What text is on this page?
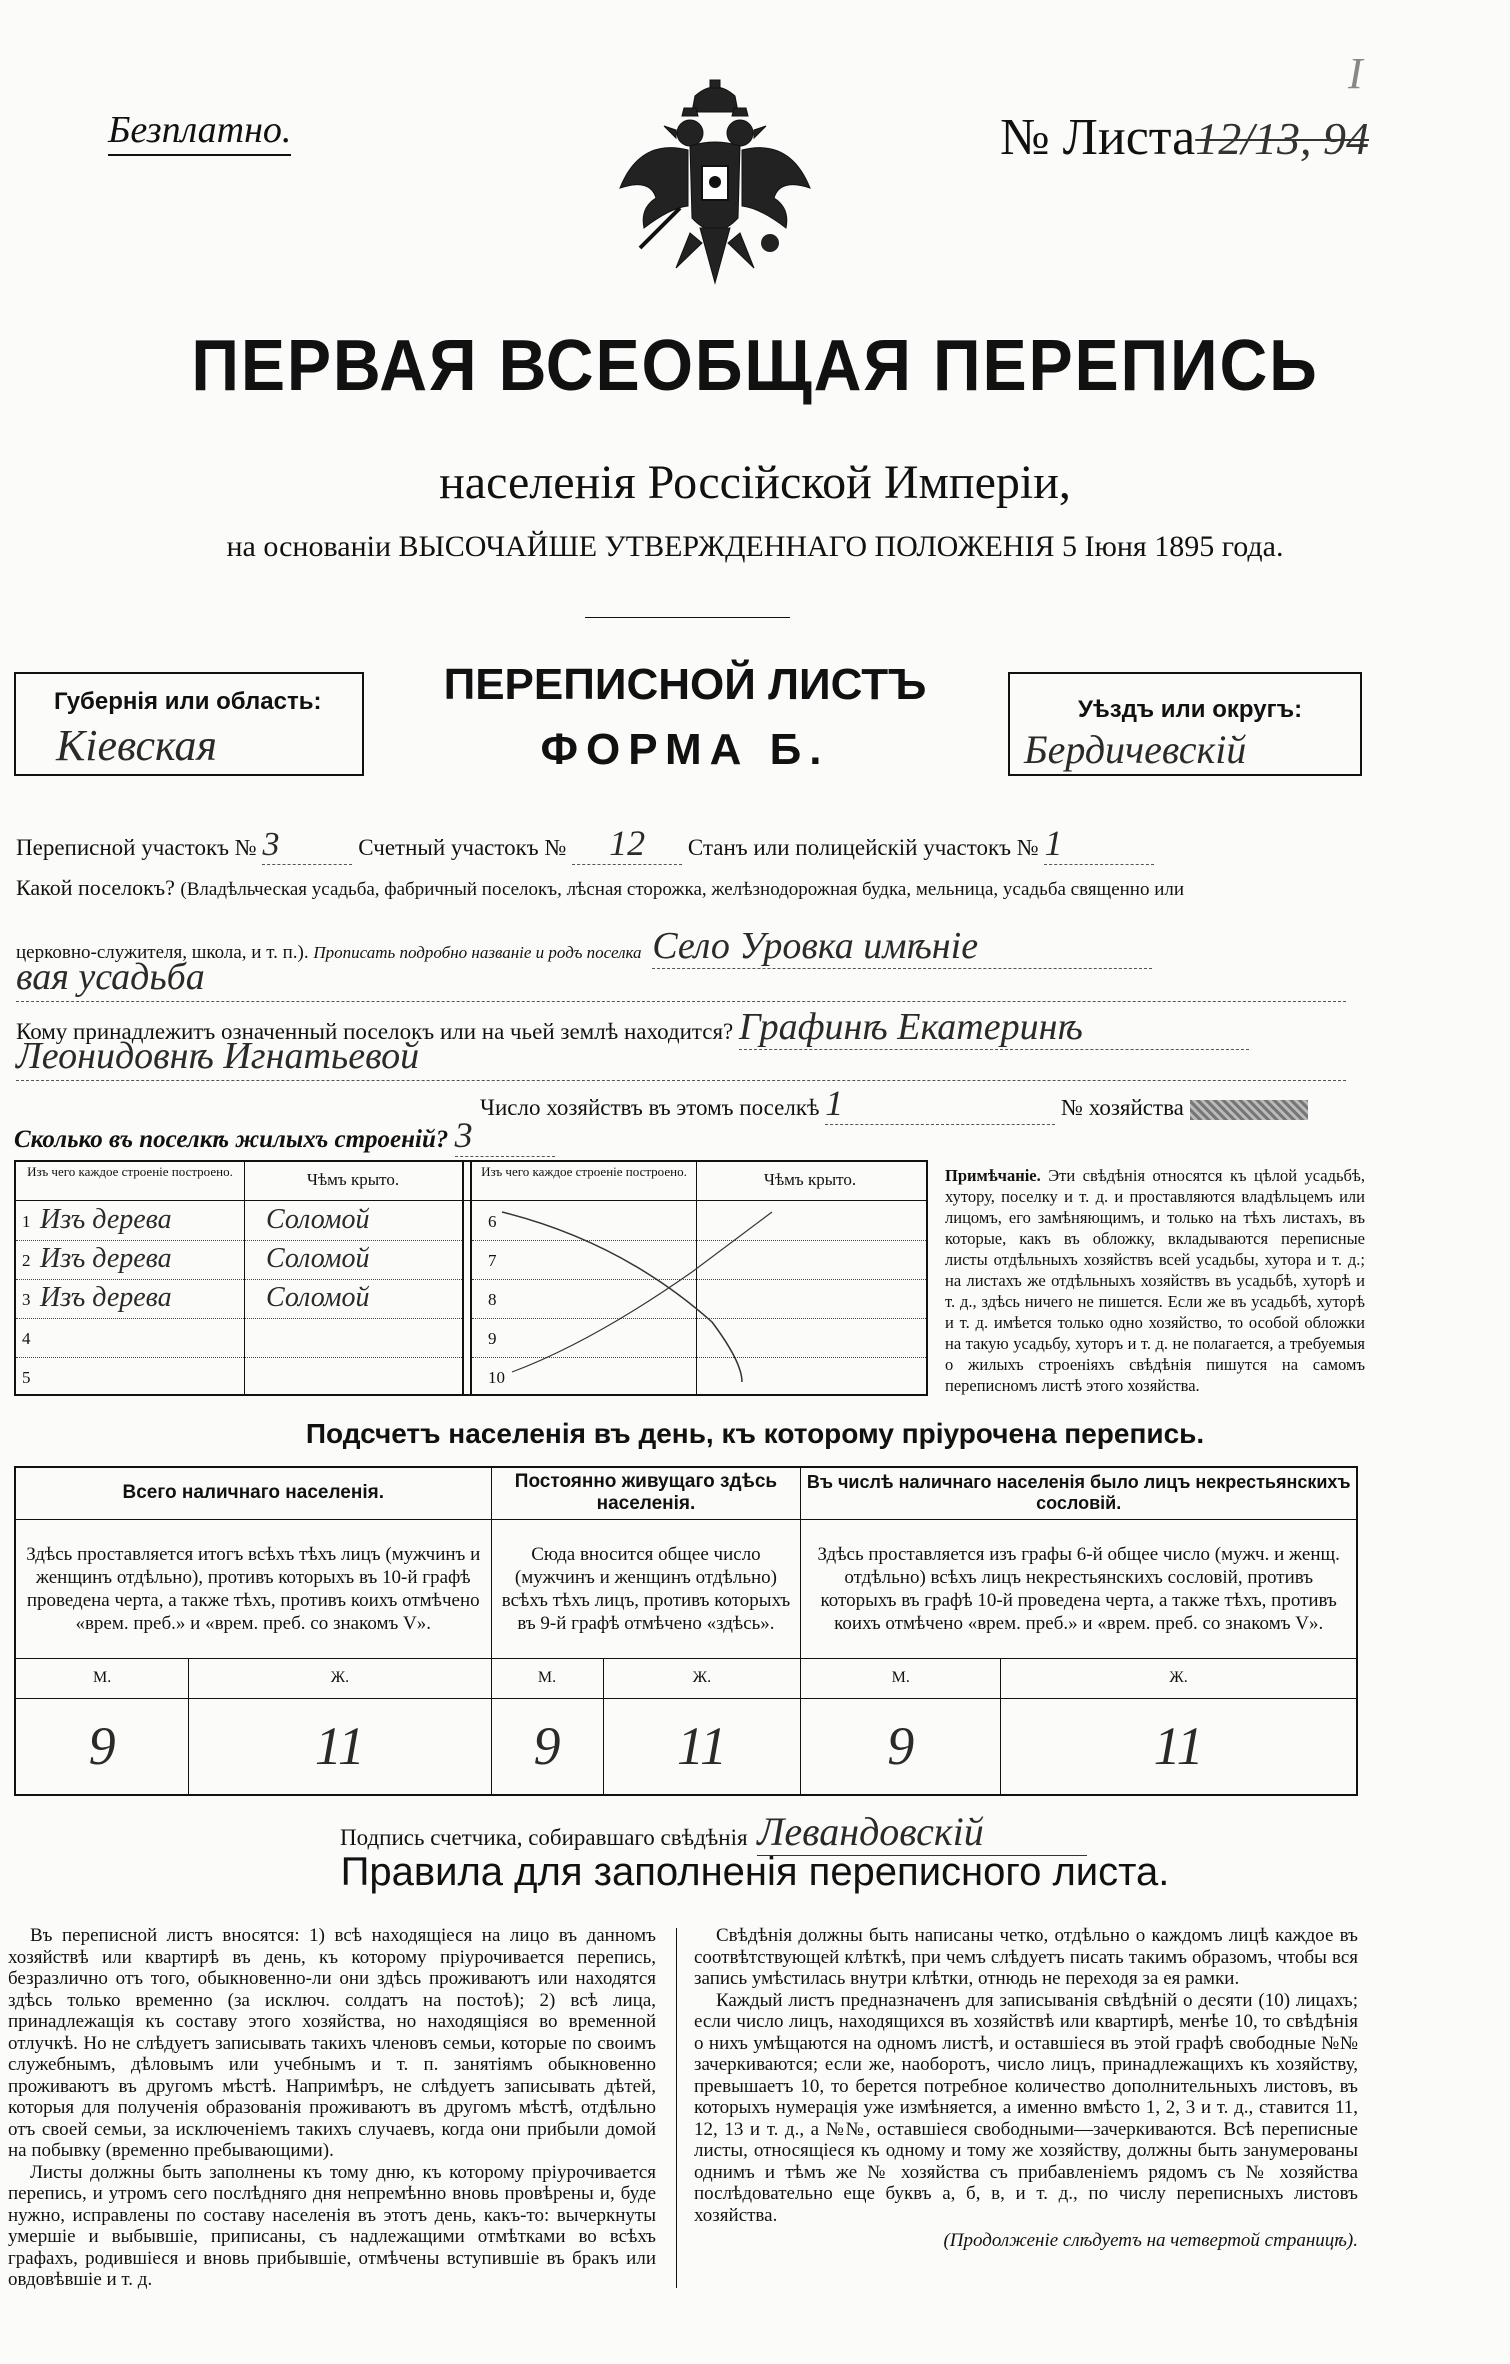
Безплатно.
I
№ Листа12/13, 94
ПЕРВАЯ ВСЕОБЩАЯ ПЕРЕПИСЬ
населенія Россійской Имперіи,
на основаніи ВЫСОЧАЙШЕ УТВЕРЖДЕННАГО ПОЛОЖЕНІЯ 5 Іюня 1895 года.
Губернія или область:
Кіевская
ПЕРЕПИСНОЙ ЛИСТЪ
ФОРМА Б.
Уѣздъ или округъ:
Бердичевскій
Переписной участокъ № 3	Счетный участокъ № 12 Станъ или полицейскій участокъ № 1
Какой поселокъ? (Владѣльческая усадьба, фабричный поселокъ, лѣсная сторожка, желѣзнодорожная будка, мельница, усадьба священно или
церковно-служителя, школа, и т. п.). Прописать подробно названіе и родъ поселка Село Уровка имѣніе
вая усадьба
Кому принадлежитъ означенный поселокъ или на чьей землѣ находится? Графинѣ Екатеринѣ
Леонидовнѣ Игнатьевой
Число хозяйствъ въ этомъ поселкѣ 1	№ хозяйства
Сколько въ поселкѣ жилыхъ строеній? 3
Изъ чего каждое строеніе построено.	Чѣмъ крыто.	Изъ чего каждое строеніе построено.	Чѣмъ крыто.
1 Изъ дерева	Соломой
2 Изъ дерева	Соломой
3 Изъ дерева	Соломой
4
5
6
7
8
9
10
Примѣчаніе. Эти свѣдѣнія относятся къ цѣлой усадьбѣ, хутору, поселку и т. д. и проставляются владѣльцемъ или лицомъ, его замѣняющимъ, и только на тѣхъ листахъ, въ которые, какъ въ обложку, вкладываются переписные листы отдѣльныхъ хозяйствъ всей усадьбы, хутора и т. д.; на листахъ же отдѣльныхъ хозяйствъ въ усадьбѣ, хуторѣ и т. д., здѣсь ничего не пишется. Если же въ усадьбѣ, хуторѣ и т. д. имѣется только одно хозяйство, то особой обложки на такую усадьбу, хуторъ и т. д. не полагается, а требуемыя о жилыхъ строеніяхъ свѣдѣнія пишутся на самомъ переписномъ листѣ этого хозяйства.
Подсчетъ населенія въ день, къ которому пріурочена перепись.
Всего наличнаго населенія.		Постоянно живущаго здѣсь населенія.		Въ числѣ наличнаго населенія было лицъ некрестьянскихъ сословій.	
Здѣсь проставляется итогъ всѣхъ тѣхъ лицъ (мужчинъ и женщинъ отдѣльно), противъ которыхъ въ 10-й графѣ проведена черта, а также тѣхъ, противъ коихъ отмѣчено «врем. преб.» и «врем. преб. со знакомъ V».		Сюда вносится общее число (мужчинъ и женщинъ отдѣльно) всѣхъ тѣхъ лицъ, противъ которыхъ въ 9-й графѣ отмѣчено «здѣсь».		Здѣсь проставляется изъ графы 6-й общее число (мужч. и женщ. отдѣльно) всѣхъ лицъ некрестьянскихъ сословій, противъ которыхъ въ графѣ 10-й проведена черта, а также тѣхъ, противъ коихъ отмѣчено «врем. преб.» и «врем. преб. со знакомъ V».	
М.	Ж.	М.	Ж.	М.	Ж.
9	11	9	11	9	11
Подпись счетчика, собиравшаго свѣдѣнія Левандовскій
Правила для заполненія переписного листа.

Въ переписной листъ вносятся: 1) всѣ находящіеся на лицо въ данномъ хозяйствѣ или квартирѣ въ день, къ которому пріурочивается перепись, безразлично отъ того, обыкновенно-ли они здѣсь проживаютъ или находятся здѣсь только временно (за исключ. солдатъ на постоѣ); 2) всѣ лица, принадлежащія къ составу этого хозяйства, но находящіяся во временной отлучкѣ. Но не слѣдуетъ записывать такихъ членовъ семьи, которые по своимъ служебнымъ, дѣловымъ или учебнымъ и т. п. занятіямъ обыкновенно проживаютъ въ другомъ мѣстѣ. Напримѣръ, не слѣдуетъ записывать дѣтей, которыя для полученія образованія проживаютъ въ другомъ мѣстѣ, отдѣльно отъ своей семьи, за исключеніемъ такихъ случаевъ, когда они прибыли домой на побывку (временно пребывающими).

Листы должны быть заполнены къ тому дню, къ которому пріурочивается перепись, и утромъ сего послѣдняго дня непремѣнно вновь провѣрены и, буде нужно, исправлены по составу населенія въ этотъ день, какъ-то: вычеркнуты умершіе и выбывшіе, приписаны, съ надлежащими отмѣтками во всѣхъ графахъ, родившіеся и вновь прибывшіе, отмѣчены вступившіе въ бракъ или овдовѣвшіе и т. д.

Свѣдѣнія должны быть написаны четко, отдѣльно о каждомъ лицѣ каждое въ соотвѣтствующей клѣткѣ, при чемъ слѣдуетъ писать такимъ образомъ, чтобы вся запись умѣстилась внутри клѣтки, отнюдь не переходя за ея рамки.

Каждый листъ предназначенъ для записыванія свѣдѣній о десяти (10) лицахъ; если число лицъ, находящихся въ хозяйствѣ или квартирѣ, менѣе 10, то свѣдѣнія о нихъ умѣщаются на одномъ листѣ, и оставшіеся въ этой графѣ свободные №№ зачеркиваются; если же, наоборотъ, число лицъ, принадлежащихъ къ хозяйству, превышаетъ 10, то берется потребное количество дополнительныхъ листовъ, въ которыхъ нумерація уже измѣняется, а именно вмѣсто 1, 2, 3 и т. д., ставится 11, 12, 13 и т. д., а №№, оставшіеся свободными—зачеркиваются. Всѣ переписные листы, относящіеся къ одному и тому же хозяйству, должны быть занумерованы однимъ и тѣмъ же № хозяйства съ прибавленіемъ рядомъ съ № хозяйства послѣдовательно еще буквъ а, б, в, и т. д., по числу переписныхъ листовъ хозяйства.

(Продолженіе слѣдуетъ на четвертой страницѣ).
